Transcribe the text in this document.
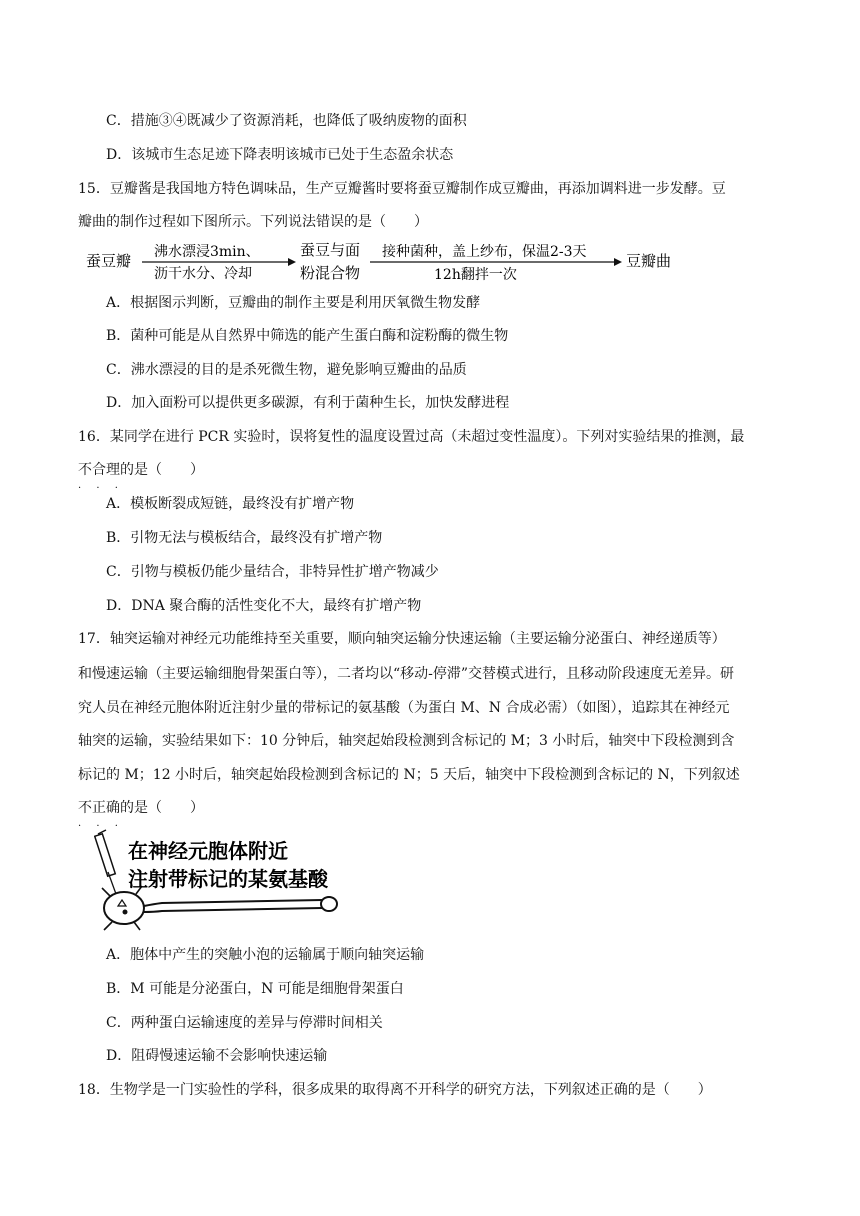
C．措施③④既减少了资源消耗，也降低了吸纳废物的面积
D．该城市生态足迹下降表明该城市已处于生态盈余状态
15．豆瓣酱是我国地方特色调味品，生产豆瓣酱时要将蚕豆瓣制作成豆瓣曲，再添加调料进一步发酵。豆
瓣曲的制作过程如下图所示。下列说法错误的是（　　）
蚕豆瓣 沸水漂浸3min、
沥干水分、冷却
蚕豆与面
粉混合物
接种菌种，盖上纱布，保温2-3天
12h翻拌一次
豆瓣曲
A．根据图示判断，豆瓣曲的制作主要是利用厌氧微生物发酵
B．菌种可能是从自然界中筛选的能产生蛋白酶和淀粉酶的微生物
C．沸水漂浸的目的是杀死微生物，避免影响豆瓣曲的品质
D．加入面粉可以提供更多碳源，有利于菌种生长，加快发酵进程
16．某同学在进行 PCR 实验时，误将复性的温度设置过高（未超过变性温度）。下列对实验结果的推测，最
不合理
· · ·
的是（　　）
A．模板断裂成短链，最终没有扩增产物
B．引物无法与模板结合，最终没有扩增产物
C．引物与模板仍能少量结合，非特异性扩增产物减少
D．DNA 聚合酶的活性变化不大，最终有扩增产物
17．轴突运输对神经元功能维持至关重要，顺向轴突运输分快速运输（主要运输分泌蛋白、神经递质等）
和慢速运输（主要运输细胞骨架蛋白等），二者均以“移动-停滞”交替模式进行，且移动阶段速度无差异。研
究人员在神经元胞体附近注射少量的带标记的氨基酸（为蛋白 M、N 合成必需）（如图），追踪其在神经元
轴突的运输，实验结果如下：10 分钟后，轴突起始段检测到含标记的 M；3 小时后，轴突中下段检测到含
标记的 M；12 小时后，轴突起始段检测到含标记的 N；5 天后，轴突中下段检测到含标记的 N，下列叙述
不正确
· · ·
的是（　　）
在神经元胞体附近
注射带标记的某氨基酸
A．胞体中产生的突触小泡的运输属于顺向轴突运输
B．M 可能是分泌蛋白，N 可能是细胞骨架蛋白
C．两种蛋白运输速度的差异与停滞时间相关
D．阻碍慢速运输不会影响快速运输
18．生物学是一门实验性的学科，很多成果的取得离不开科学的研究方法，下列叙述正确的是（　　）
